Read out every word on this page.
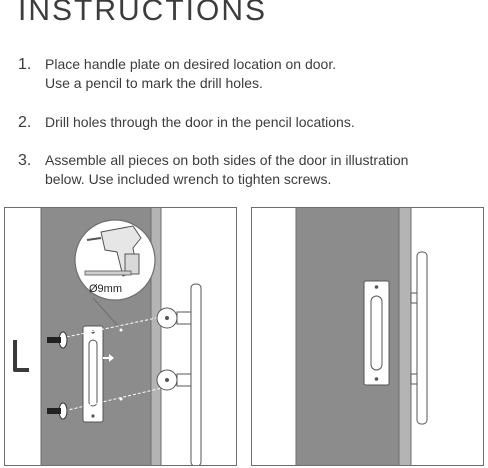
INSTRUCTIONS
1. Place handle plate on desired location on door.
Use a pencil to mark the drill holes.
2. Drill holes through the door in the pencil locations.
3. Assemble all pieces on both sides of the door in illustration
below. Use included wrench to tighten screws.
Ø9mm
